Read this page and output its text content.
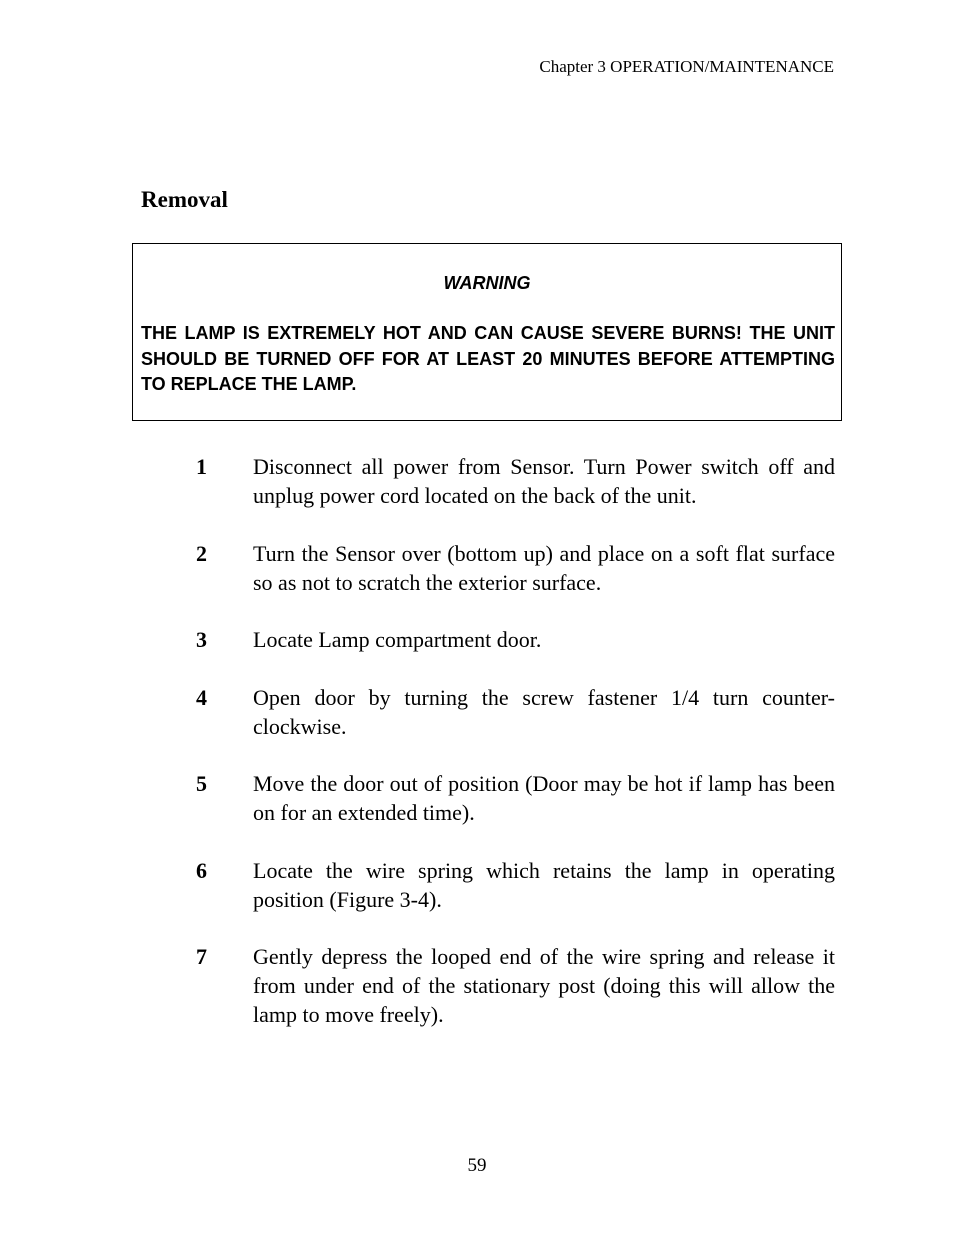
Chapter 3 OPERATION/MAINTENANCE
Removal
WARNING
THE LAMP IS EXTREMELY HOT AND CAN CAUSE SEVERE BURNS! THE UNIT SHOULD BE TURNED OFF FOR AT LEAST 20 MINUTES BEFORE ATTEMPTING TO REPLACE THE LAMP.
1	Disconnect all power from Sensor. Turn Power switch off and unplug power cord located on the back of the unit.
2	Turn the Sensor over (bottom up) and place on a soft flat surface so as not to scratch the exterior surface.
3	Locate Lamp compartment door.
4	Open door by turning the screw fastener 1/4 turn counter-clockwise.
5	Move the door out of position (Door may be hot if lamp has been on for an extended time).
6	Locate the wire spring which retains the lamp in operating position (Figure 3-4).
7	Gently depress the looped end of the wire spring and release it from under end of the stationary post (doing this will allow the lamp to move freely).
59
